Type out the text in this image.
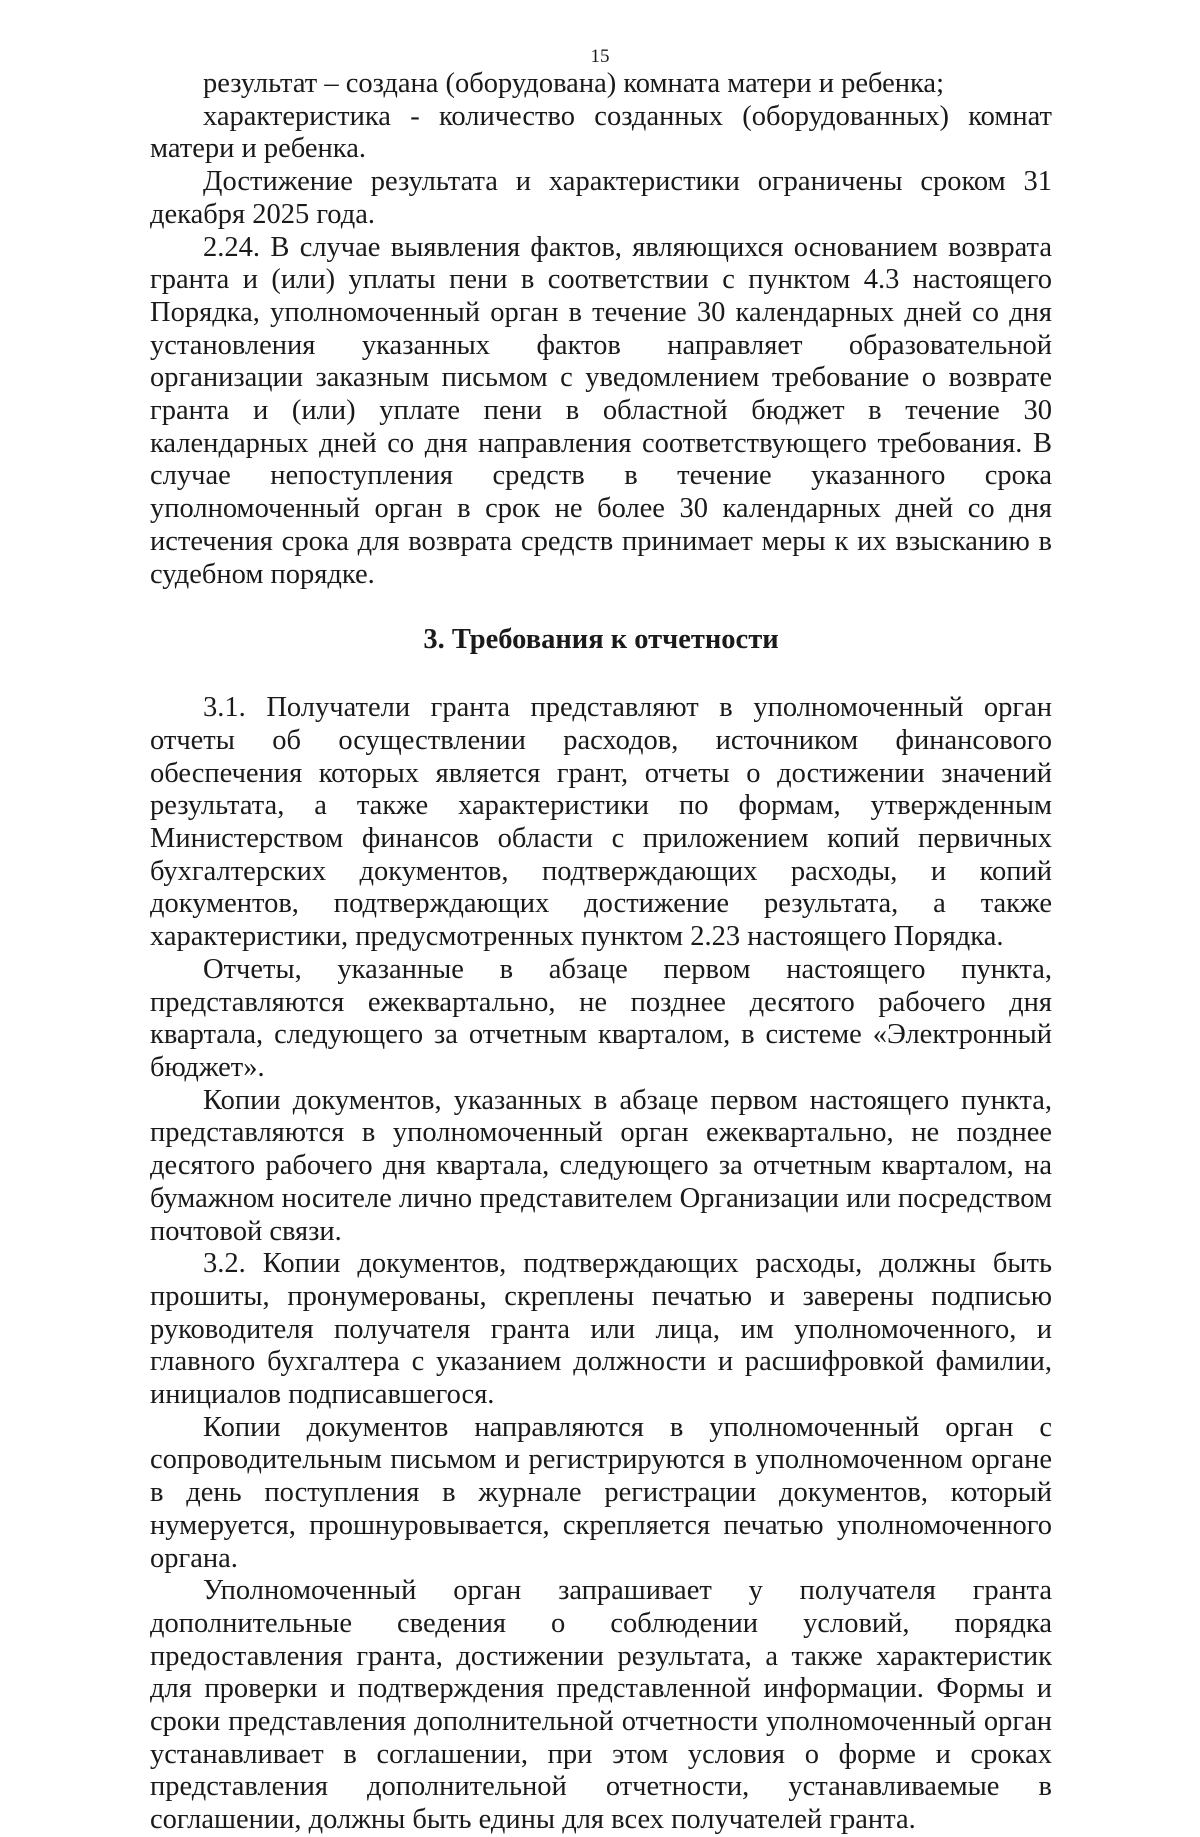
15

результат – создана (оборудована) комната матери и ребенка;

характеристика - количество созданных (оборудованных) комнат матери и ребенка.

Достижение результата и характеристики ограничены сроком 31 декабря 2025 года.

2.24. В случае выявления фактов, являющихся основанием возврата гранта и (или) уплаты пени в соответствии с пунктом 4.3 настоящего Порядка, уполномоченный орган в течение 30 календарных дней со дня установления указанных фактов направляет образовательной организации заказным письмом с уведомлением требование о возврате гранта и (или) уплате пени в областной бюджет в течение 30 календарных дней со дня направления соответствующего требования. В случае непоступления средств в течение указанного срока уполномоченный орган в срок не более 30 календарных дней со дня истечения срока для возврата средств принимает меры к их взысканию в судебном порядке.

3. Требования к отчетности

3.1. Получатели гранта представляют в уполномоченный орган отчеты об осуществлении расходов, источником финансового обеспечения которых является грант, отчеты о достижении значений результата, а также характеристики по формам, утвержденным Министерством финансов области с приложением копий первичных бухгалтерских документов, подтверждающих расходы, и копий документов, подтверждающих достижение результата, а также характеристики, предусмотренных пунктом 2.23 настоящего Порядка.

Отчеты, указанные в абзаце первом настоящего пункта, представляются ежеквартально, не позднее десятого рабочего дня квартала, следующего за отчетным кварталом, в системе «Электронный бюджет».

Копии документов, указанных в абзаце первом настоящего пункта, представляются в уполномоченный орган ежеквартально, не позднее десятого рабочего дня квартала, следующего за отчетным кварталом, на бумажном носителе лично представителем Организации или посредством почтовой связи.

3.2. Копии документов, подтверждающих расходы, должны быть прошиты, пронумерованы, скреплены печатью и заверены подписью руководителя получателя гранта или лица, им уполномоченного, и главного бухгалтера с указанием должности и расшифровкой фамилии, инициалов подписавшегося.

Копии документов направляются в уполномоченный орган с сопроводительным письмом и регистрируются в уполномоченном органе в день поступления в журнале регистрации документов, который нумеруется, прошнуровывается, скрепляется печатью уполномоченного органа.

Уполномоченный орган запрашивает у получателя гранта дополнительные сведения о соблюдении условий, порядка предоставления гранта, достижении результата, а также характеристик для проверки и подтверждения представленной информации. Формы и сроки представления дополнительной отчетности уполномоченный орган устанавливает в соглашении, при этом условия о форме и сроках представления дополнительной отчетности, устанавливаемые в соглашении, должны быть едины для всех получателей гранта.
